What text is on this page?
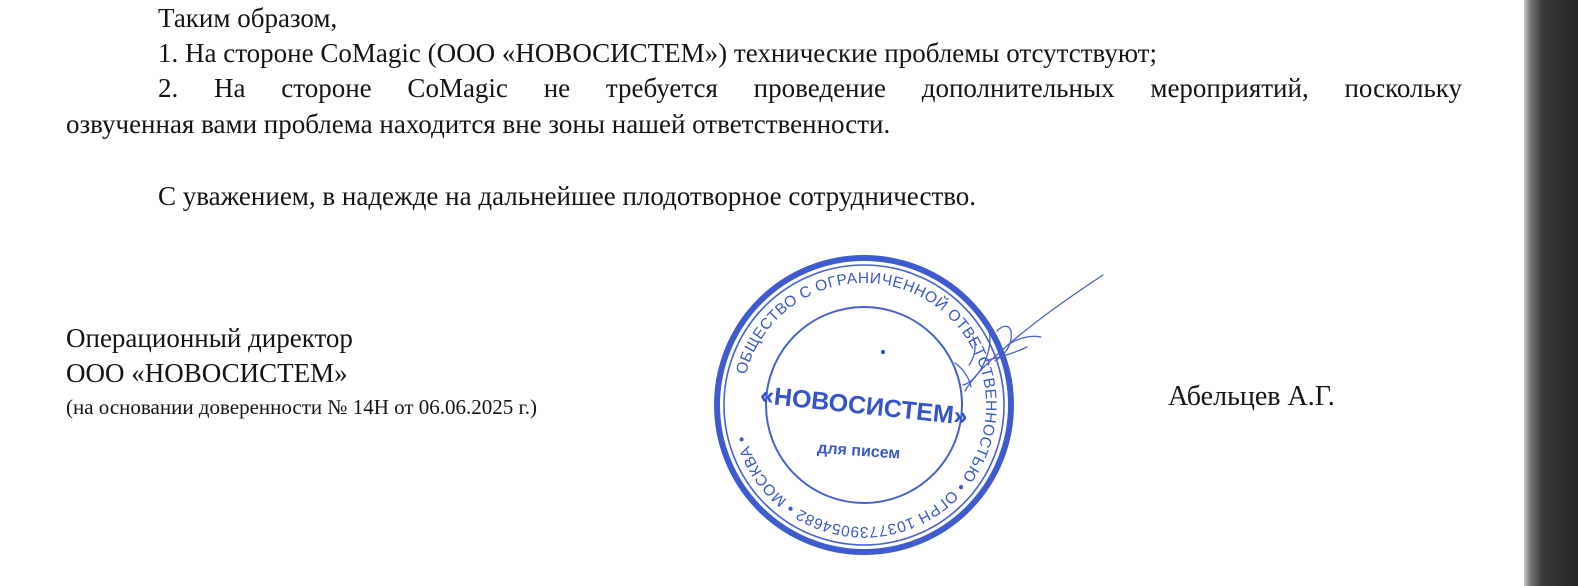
Таким образом,

1. На стороне CoMagic (ООО «НОВОСИСТЕМ») технические проблемы отсутствуют;

2. На стороне CoMagic не требуется проведение дополнительных мероприятий, поскольку

озвученная вами проблема находится вне зоны нашей ответственности.

С уважением, в надежде на дальнейшее плодотворное сотрудничество.

Операционный директор

ООО «НОВОСИСТЕМ»

(на основании доверенности № 14Н от 06.06.2025 г.)

ОБЩЕСТВО С ОГРАНИЧЕННОЙ ОТВЕТСТВЕННОСТЬЮ • ОГРН 1037739054682 • МОСКВА •
«НОВОСИСТЕМ»
для писем

Абельцев А.Г.
